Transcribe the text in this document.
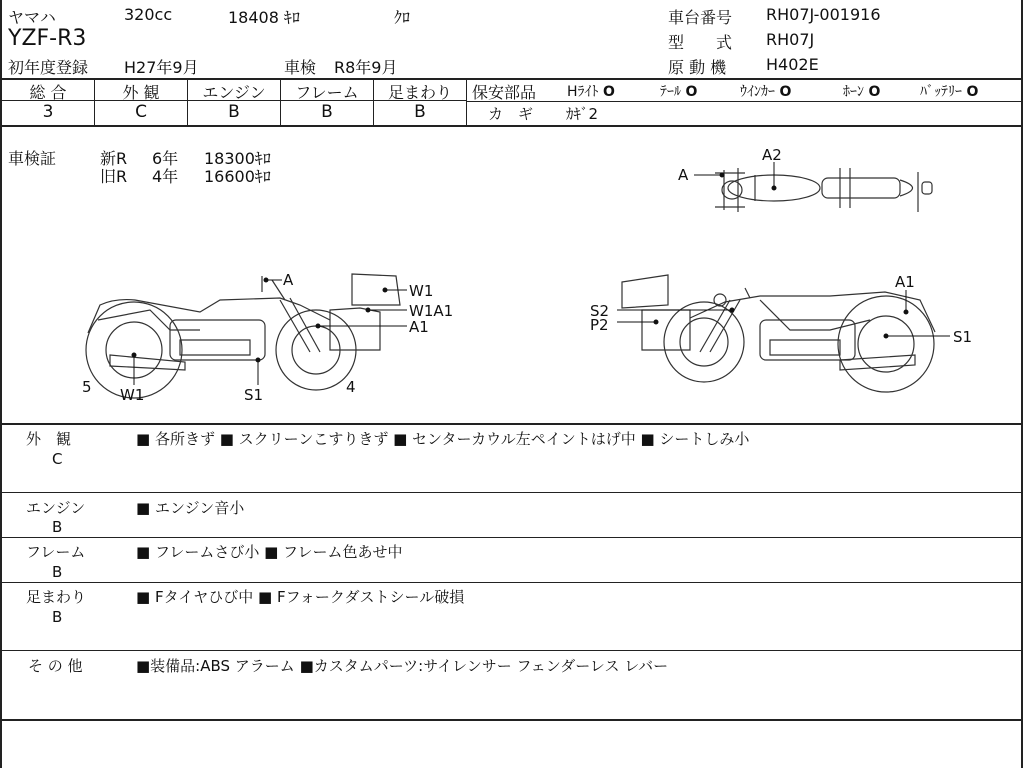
ヤマハ	320cc	18408 ｷﾛ	ｸﾛ
YZF-R3
初年度登録 H27年9月	車検 R8年9月
車台番号 RH07J-001916
型　　式 RH07J
原 動 機 H402E
総 合	外 観	エンジン	フレーム	足まわり
3	C	B	B	B
保安部品 Hﾗｲﾄ O	ﾃｰﾙ O	ｳｲﾝｶｰ O	ﾎｰﾝ O	ﾊﾞｯﾃﾘｰ O
カ　ギ ｶｷﾞ2
車検証	新R 6年 18300ｷﾛ
旧R 4年 16600ｷﾛ	A
A2
A
W1
W1A1
A1
5 W1	S1	4
A1
S2
P2
S1
外　観
C
■ 各所きず ■ スクリーンこすりきず ■ センターカウル左ペイントはげ中 ■ シートしみ小
エンジン
B
■ エンジン音小
フレーム
B
■ フレームさび小 ■ フレーム色あせ中
足まわり
B
■ Fタイヤひび中 ■ Fフォークダストシール破損
そ の 他	■装備品:ABS アラーム ■カスタムパーツ:サイレンサー フェンダーレス レバー
